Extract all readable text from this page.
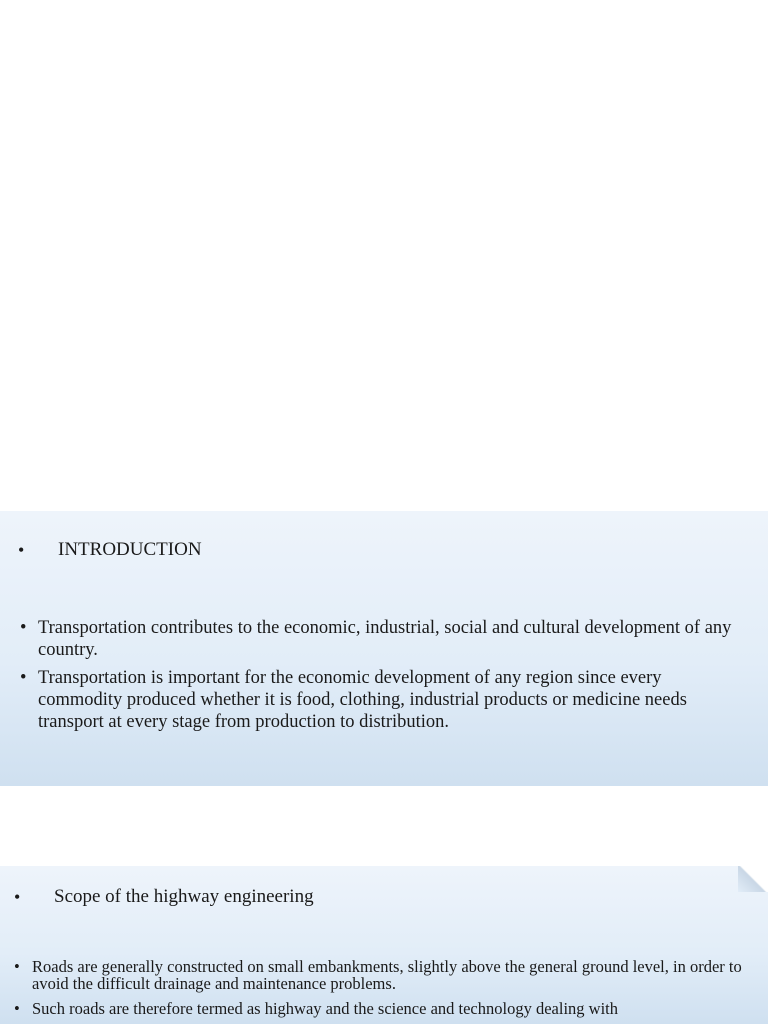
•	INTRODUCTION
• Transportation contributes to the economic, industrial, social and cultural development of any country.
• Transportation is important for the economic development of any region since every commodity produced whether it is food, clothing, industrial products or medicine needs transport at every stage from production to distribution.
•	Scope of the highway engineering
• Roads are generally constructed on small embankments, slightly above the general ground level, in order to avoid the difficult drainage and maintenance problems.
• Such roads are therefore termed as highway and the science and technology dealing with
